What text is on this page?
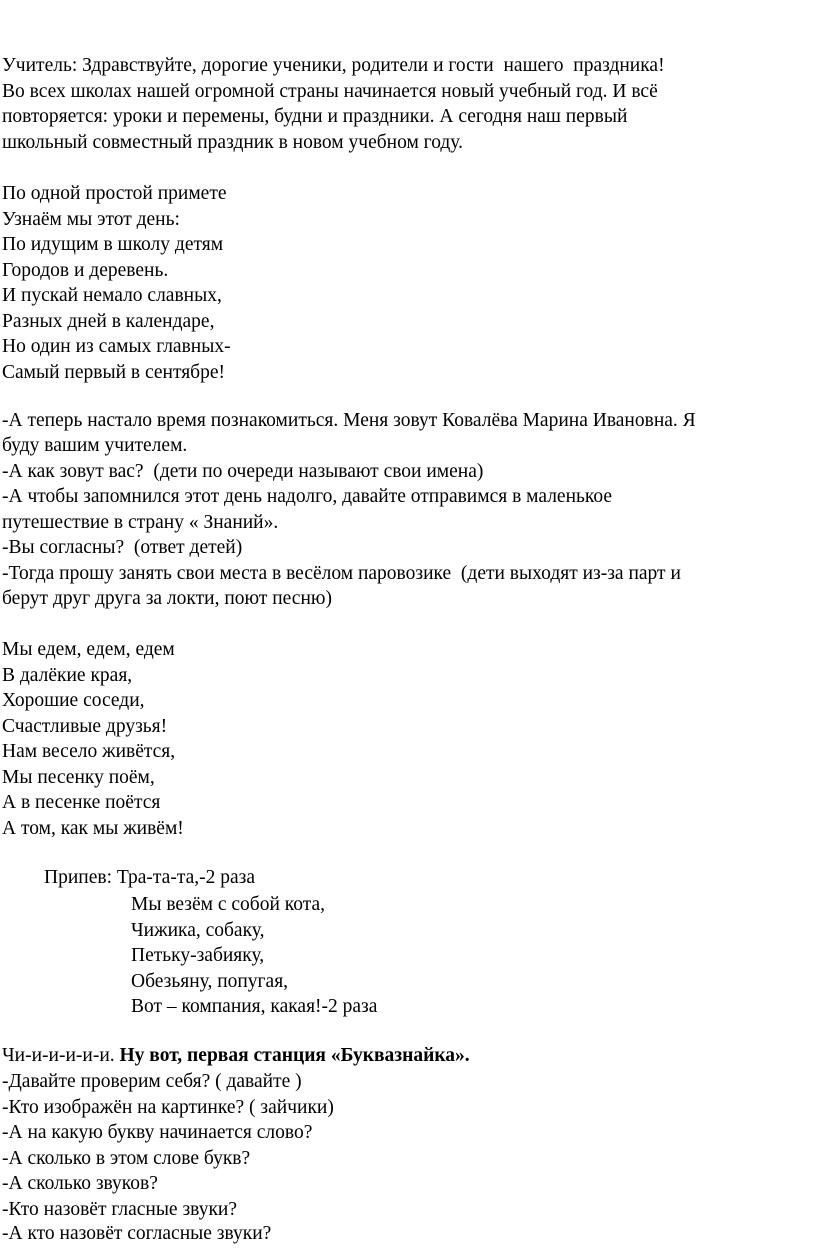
Учитель: Здравствуйте, дорогие ученики, родители и гости  нашего  праздника!
Во всех школах нашей огромной страны начинается новый учебный год. И всё
повторяется: уроки и перемены, будни и праздники. А сегодня наш первый
школьный совместный праздник в новом учебном году.
По одной простой примете
Узнаём мы этот день:
По идущим в школу детям
Городов и деревень.
И пускай немало славных,
Разных дней в календаре,
Но один из самых главных-
Самый первый в сентябре!
-А теперь настало время познакомиться. Меня зовут Ковалёва Марина Ивановна. Я
буду вашим учителем.
-А как зовут вас?  (дети по очереди называют свои имена)
-А чтобы запомнился этот день надолго, давайте отправимся в маленькое
путешествие в страну « Знаний».
-Вы согласны?  (ответ детей)
-Тогда прошу занять свои места в весёлом паровозике  (дети выходят из-за парт и
берут друг друга за локти, поют песню)
Мы едем, едем, едем
В далёкие края,
Хорошие соседи,
Счастливые друзья!
Нам весело живётся,
Мы песенку поём,
А в песенке поётся
А том, как мы живём!
Припев: Тра-та-та,-2 раза
Мы везём с собой кота,
Чижика, собаку,
Петьку-забияку,
Обезьяну, попугая,
Вот – компания, какая!-2 раза
Чи-и-и-и-и-и. Ну вот, первая станция «Буквазнайка».
-Давайте проверим себя? ( давайте )
-Кто изображён на картинке? ( зайчики)
-А на какую букву начинается слово?
-А сколько в этом слове букв?
-А сколько звуков?
-Кто назовёт гласные звуки?
-А кто назовёт согласные звуки?
